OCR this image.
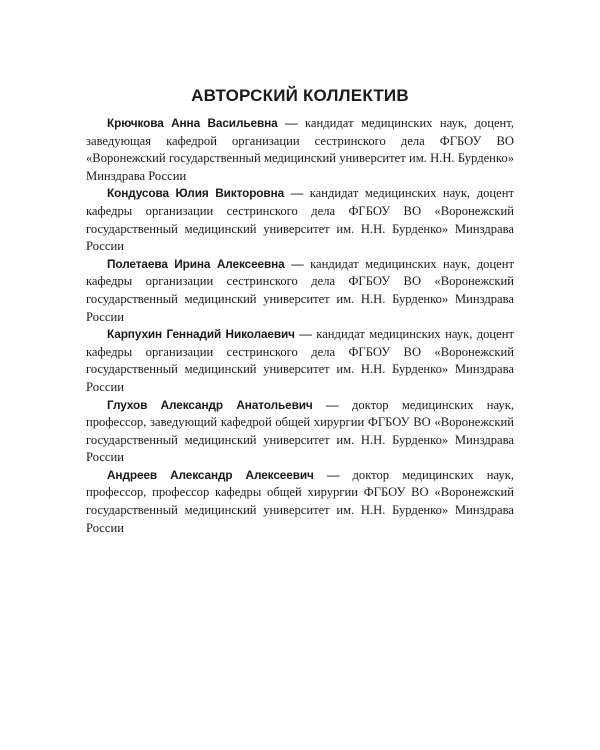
АВТОРСКИЙ КОЛЛЕКТИВ

Крючкова Анна Васильевна — кандидат медицинских наук, доцент, заведующая кафедрой организации сестринского дела ФГБОУ ВО «Воронежский государственный медицинский университет им. Н.Н. Бурденко» Минздрава России

Кондусова Юлия Викторовна — кандидат медицинских наук, доцент кафедры организации сестринского дела ФГБОУ ВО «Воронежский государственный медицинский университет им. Н.Н. Бурденко» Минздрава России

Полетаева Ирина Алексеевна — кандидат медицинских наук, доцент кафедры организации сестринского дела ФГБОУ ВО «Воронежский государственный медицинский университет им. Н.Н. Бурденко» Минздрава России

Карпухин Геннадий Николаевич — кандидат медицинских наук, доцент кафедры организации сестринского дела ФГБОУ ВО «Воронежский государственный медицинский университет им. Н.Н. Бурденко» Минздрава России

Глухов Александр Анатольевич — доктор медицинских наук, профессор, заведующий кафедрой общей хирургии ФГБОУ ВО «Воронежский государственный медицинский университет им. Н.Н. Бурденко» Минздрава России

Андреев Александр Алексеевич — доктор медицинских наук, профессор, профессор кафедры общей хирургии ФГБОУ ВО «Воронежский государственный медицинский университет им. Н.Н. Бурденко» Минздрава России
